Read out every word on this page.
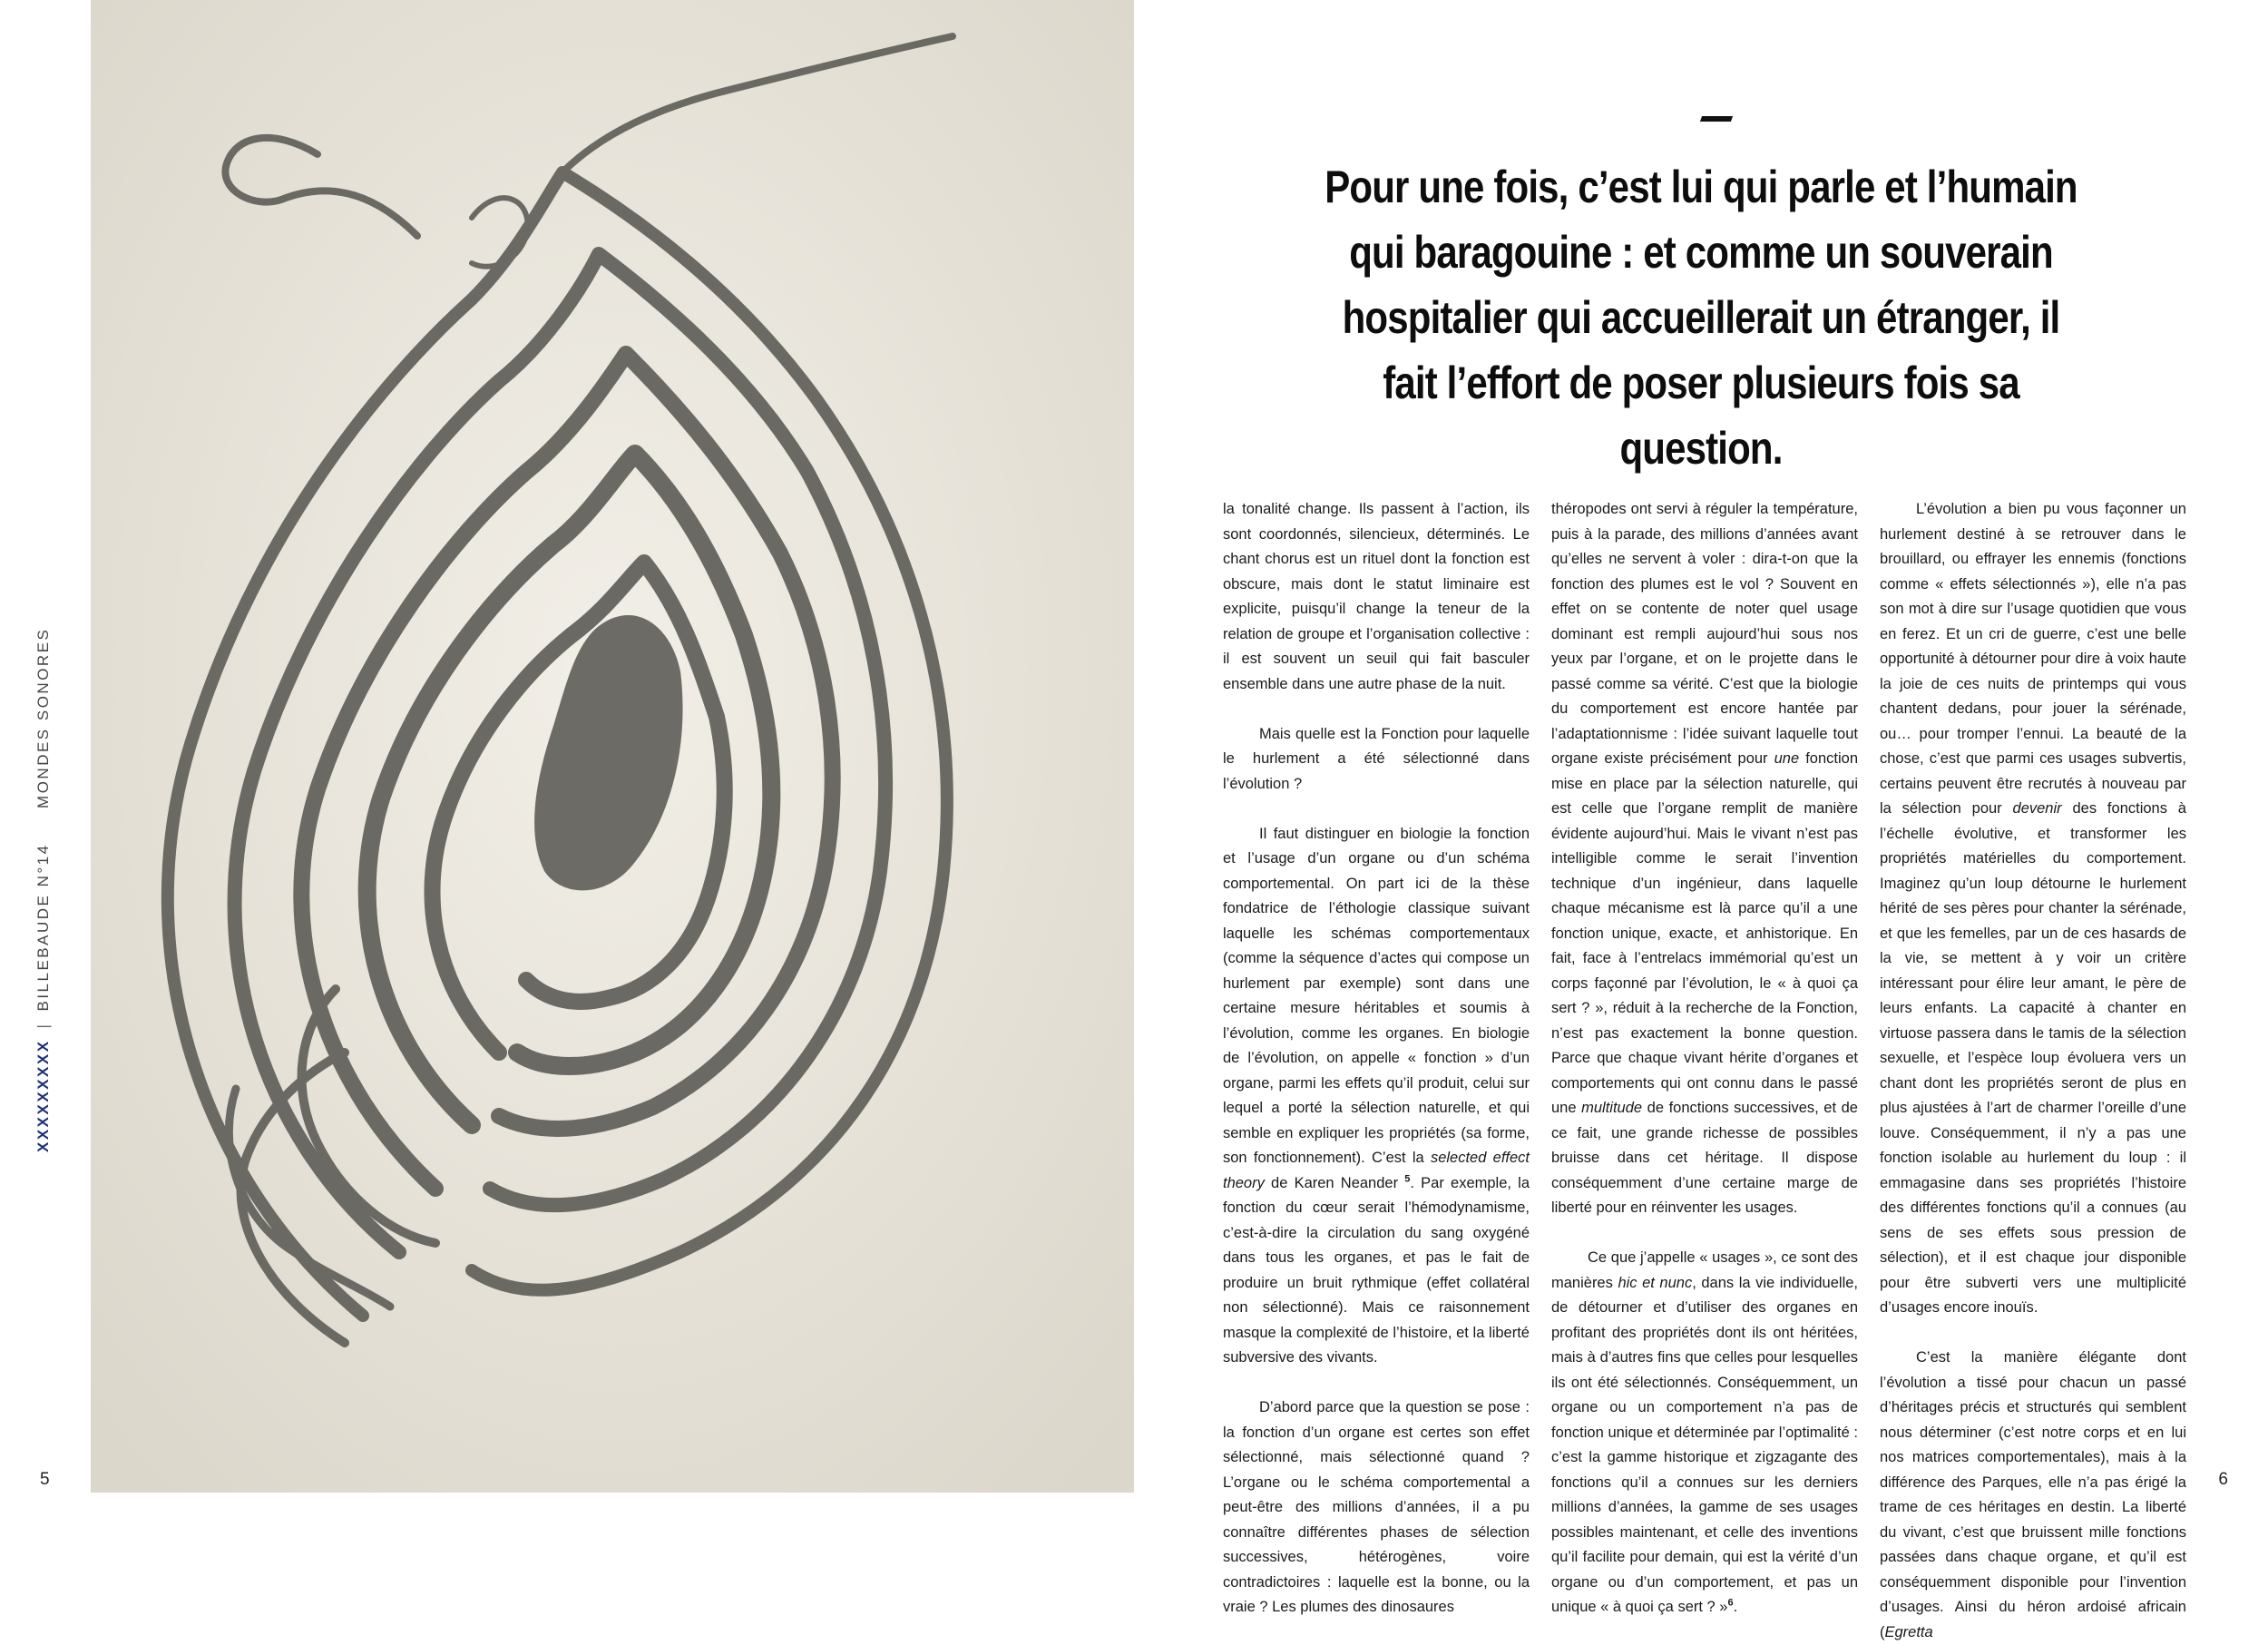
XXXXXXXXX|BILLEBAUDE N°14  MONDES SONORES
5
Pour une fois, c’est lui qui parle et l’humain qui baragouine : et comme un souverain hospitalier qui accueillerait un étranger, il fait l’effort de poser plusieurs fois sa question.

la tonalité change. Ils passent à l’action, ils sont coordonnés, silencieux, déterminés. Le chant chorus est un rituel dont la fonction est obscure, mais dont le statut liminaire est explicite, puisqu’il change la teneur de la relation de groupe et l’organisation collective : il est souvent un seuil qui fait basculer ensemble dans une autre phase de la nuit.

Mais quelle est la Fonction pour laquelle le hurlement a été sélectionné dans l’évolution ?

Il faut distinguer en biologie la fonction et l’usage d’un organe ou d’un schéma comportemental. On part ici de la thèse fondatrice de l’éthologie classique suivant laquelle les schémas comportementaux (comme la séquence d’actes qui compose un hurlement par exemple) sont dans une certaine mesure héritables et soumis à l’évolution, comme les organes. En biologie de l’évolution, on appelle « fonction » d’un organe, parmi les effets qu’il produit, celui sur lequel a porté la sélection naturelle, et qui semble en expliquer les propriétés (sa forme, son fonctionnement). C’est la selected effect theory de Karen Neander $^5$. Par exemple, la fonction du cœur serait l’hémodynamisme, c’est-à-dire la circulation du sang oxygéné dans tous les organes, et pas le fait de produire un bruit rythmique (effet collatéral non sélectionné). Mais ce raisonnement masque la complexité de l’histoire, et la liberté subversive des vivants.

D’abord parce que la question se pose : la fonction d’un organe est certes son effet sélectionné, mais sélectionné quand ? L’organe ou le schéma comportemental a peut-être des millions d’années, il a pu connaître différentes phases de sélection successives, hétérogènes, voire contradictoires : laquelle est la bonne, ou la vraie ? Les plumes des dinosaures

théropodes ont servi à réguler la température, puis à la parade, des millions d’années avant qu’elles ne servent à voler : dira-t-on que la fonction des plumes est le vol ? Souvent en effet on se contente de noter quel usage dominant est rempli aujourd’hui sous nos yeux par l’organe, et on le projette dans le passé comme sa vérité. C’est que la biologie du comportement est encore hantée par l’adaptationnisme : l’idée suivant laquelle tout organe existe précisément pour une fonction mise en place par la sélection naturelle, qui est celle que l’organe remplit de manière évidente aujourd’hui. Mais le vivant n’est pas intelligible comme le serait l’invention technique d’un ingénieur, dans laquelle chaque mécanisme est là parce qu’il a une fonction unique, exacte, et anhistorique. En fait, face à l’entrelacs immémorial qu’est un corps façonné par l’évolution, le « à quoi ça sert ? », réduit à la recherche de la Fonction, n’est pas exactement la bonne question. Parce que chaque vivant hérite d’organes et comportements qui ont connu dans le passé une multitude de fonctions successives, et de ce fait, une grande richesse de possibles bruisse dans cet héritage. Il dispose conséquemment d’une certaine marge de liberté pour en réinventer les usages.

Ce que j’appelle « usages », ce sont des manières hic et nunc, dans la vie individuelle, de détourner et d’utiliser des organes en profitant des propriétés dont ils ont héritées, mais à d’autres fins que celles pour lesquelles ils ont été sélectionnés. Conséquemment, un organe ou un comportement n’a pas de fonction unique et déterminée par l’optimalité : c’est la gamme historique et zigzagante des fonctions qu’il a connues sur les derniers millions d’années, la gamme de ses usages possibles maintenant, et celle des inventions qu’il facilite pour demain, qui est la vérité d’un organe ou d’un comportement, et pas un unique « à quoi ça sert ? »$^6$.

L’évolution a bien pu vous façonner un hurlement destiné à se retrouver dans le brouillard, ou effrayer les ennemis (fonctions comme « effets sélectionnés »), elle n’a pas son mot à dire sur l’usage quotidien que vous en ferez. Et un cri de guerre, c’est une belle opportunité à détourner pour dire à voix haute la joie de ces nuits de printemps qui vous chantent dedans, pour jouer la sérénade, ou… pour tromper l’ennui. La beauté de la chose, c’est que parmi ces usages subvertis, certains peuvent être recrutés à nouveau par la sélection pour devenir des fonctions à l’échelle évolutive, et transformer les propriétés matérielles du comportement. Imaginez qu’un loup détourne le hurlement hérité de ses pères pour chanter la sérénade, et que les femelles, par un de ces hasards de la vie, se mettent à y voir un critère intéressant pour élire leur amant, le père de leurs enfants. La capacité à chanter en virtuose passera dans le tamis de la sélection sexuelle, et l’espèce loup évoluera vers un chant dont les propriétés seront de plus en plus ajustées à l’art de charmer l’oreille d’une louve. Conséquemment, il n’y a pas une fonction isolable au hurlement du loup : il emmagasine dans ses propriétés l’histoire des différentes fonctions qu’il a connues (au sens de ses effets sous pression de sélection), et il est chaque jour disponible pour être subverti vers une multiplicité d’usages encore inouïs.

C’est la manière élégante dont l’évolution a tissé pour chacun un passé d’héritages précis et structurés qui semblent nous déterminer (c’est notre corps et en lui nos matrices comportementales), mais à la différence des Parques, elle n’a pas érigé la trame de ces héritages en destin. La liberté du vivant, c’est que bruissent mille fonctions passées dans chaque organe, et qu’il est conséquemment disponible pour l’invention d’usages. Ainsi du héron ardoisé africain (Egretta

6
